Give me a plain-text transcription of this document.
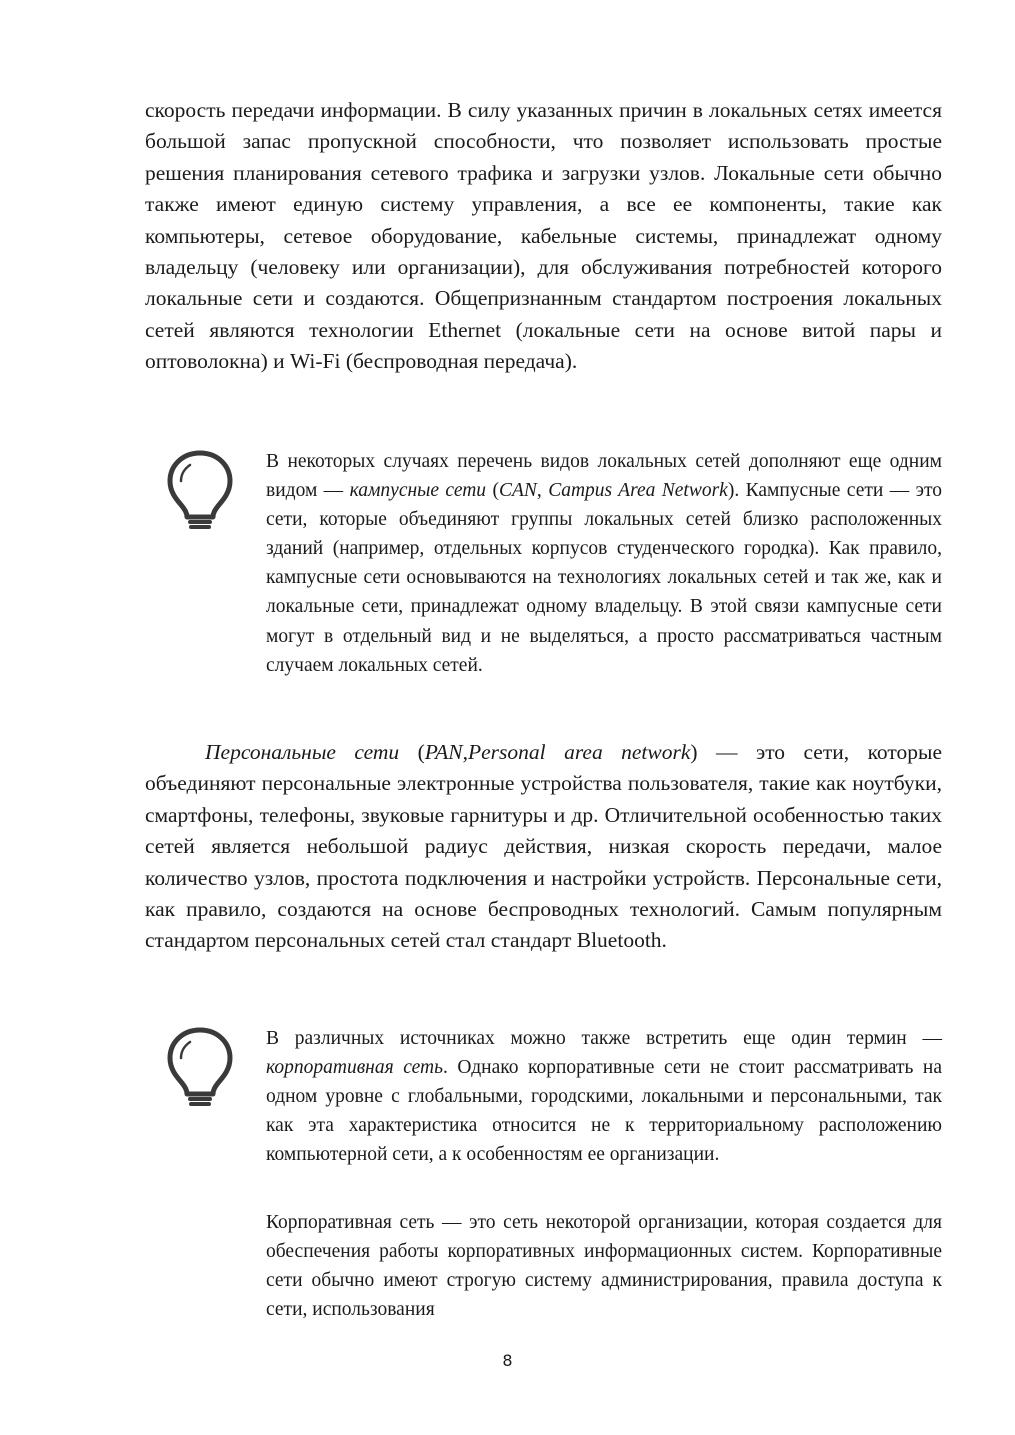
скорость передачи информации. В силу указанных причин в локальных сетях имеется большой запас пропускной способности, что позволяет использовать простые решения планирования сетевого трафика и загрузки узлов. Локальные сети обычно также имеют единую систему управления, а все ее компоненты, такие как компьютеры, сетевое оборудование, кабельные системы, принадлежат одному владельцу (человеку или организации), для обслуживания потребностей которого локальные сети и создаются. Общепризнанным стандартом построения локальных сетей являются технологии Ethernet (локальные сети на основе витой пары и оптоволокна) и Wi-Fi (беспроводная передача).

В некоторых случаях перечень видов локальных сетей дополняют еще одним видом — кампусные сети (CAN, Campus Area Network). Кампусные сети — это сети, которые объединяют группы локальных сетей близко расположенных зданий (например, отдельных корпусов студенческого городка). Как правило, кампусные сети основываются на технологиях локальных сетей и так же, как и локальные сети, принадлежат одному владельцу. В этой связи кампусные сети могут в отдельный вид и не выделяться, а просто рассматриваться частным случаем локальных сетей.

Персональные сети (PAN,Personal area network) — это сети, которые объединяют персональные электронные устройства пользователя, такие как ноутбуки, смартфоны, телефоны, звуковые гарнитуры и др. Отличительной особенностью таких сетей является небольшой радиус действия, низкая скорость передачи, малое количество узлов, простота подключения и настройки устройств. Персональные сети, как правило, создаются на основе беспроводных технологий. Самым популярным стандартом персональных сетей стал стандарт Bluetooth.

В различных источниках можно также встретить еще один термин — корпоративная сеть. Однако корпоративные сети не стоит рассматривать на одном уровне с глобальными, городскими, локальными и персональными, так как эта характеристика относится не к территориальному расположению компьютерной сети, а к особенностям ее организации.

Корпоративная сеть — это сеть некоторой организации, которая создается для обеспечения работы корпоративных информационных систем. Корпоративные сети обычно имеют строгую систему администрирования, правила доступа к сети, использования

8
